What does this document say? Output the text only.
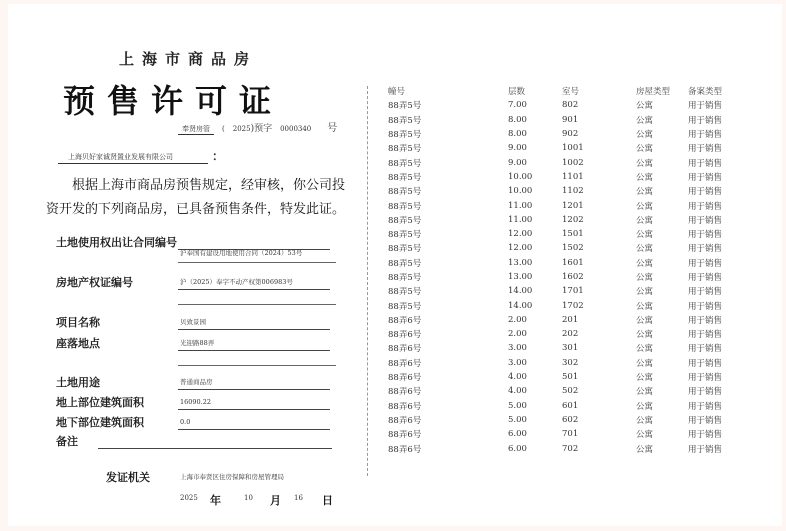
上海市商品房
预售许可证
奉贤房管	( 2025 )预字 0000340 号
上海贝好家诚贤置业发展有限公司	：
根据上海市商品房预售规定，经审核，你公司投资开发的下列商品房，已具备预售条件，特发此证。
土地使用权出让合同编号
沪奉国有建设用地使用合同（2024）53号
房地产权证编号	沪（2025）奉字不动产权第006983号
项目名称	贝致景园
座落地点	光迎路88弄
土地用途	普通商品房
地上部位建筑面积	16090.22
地下部位建筑面积	0.0
备注
发证机关	上海市奉贤区住房保障和房屋管理局
2025 年	10 月 16 日
幢号	层数	室号	房屋类型	备案类型
88弄5号	7.00	802	公寓	用于销售
88弄5号	8.00	901	公寓	用于销售
88弄5号	8.00	902	公寓	用于销售
88弄5号	9.00	1001	公寓	用于销售
88弄5号	9.00	1002	公寓	用于销售
88弄5号	10.00	1101	公寓	用于销售
88弄5号	10.00	1102	公寓	用于销售
88弄5号	11.00	1201	公寓	用于销售
88弄5号	11.00	1202	公寓	用于销售
88弄5号	12.00	1501	公寓	用于销售
88弄5号	12.00	1502	公寓	用于销售
88弄5号	13.00	1601	公寓	用于销售
88弄5号	13.00	1602	公寓	用于销售
88弄5号	14.00	1701	公寓	用于销售
88弄5号	14.00	1702	公寓	用于销售
88弄6号	2.00	201	公寓	用于销售
88弄6号	2.00	202	公寓	用于销售
88弄6号	3.00	301	公寓	用于销售
88弄6号	3.00	302	公寓	用于销售
88弄6号	4.00	501	公寓	用于销售
88弄6号	4.00	502	公寓	用于销售
88弄6号	5.00	601	公寓	用于销售
88弄6号	5.00	602	公寓	用于销售
88弄6号	6.00	701	公寓	用于销售
88弄6号	6.00	702	公寓	用于销售
